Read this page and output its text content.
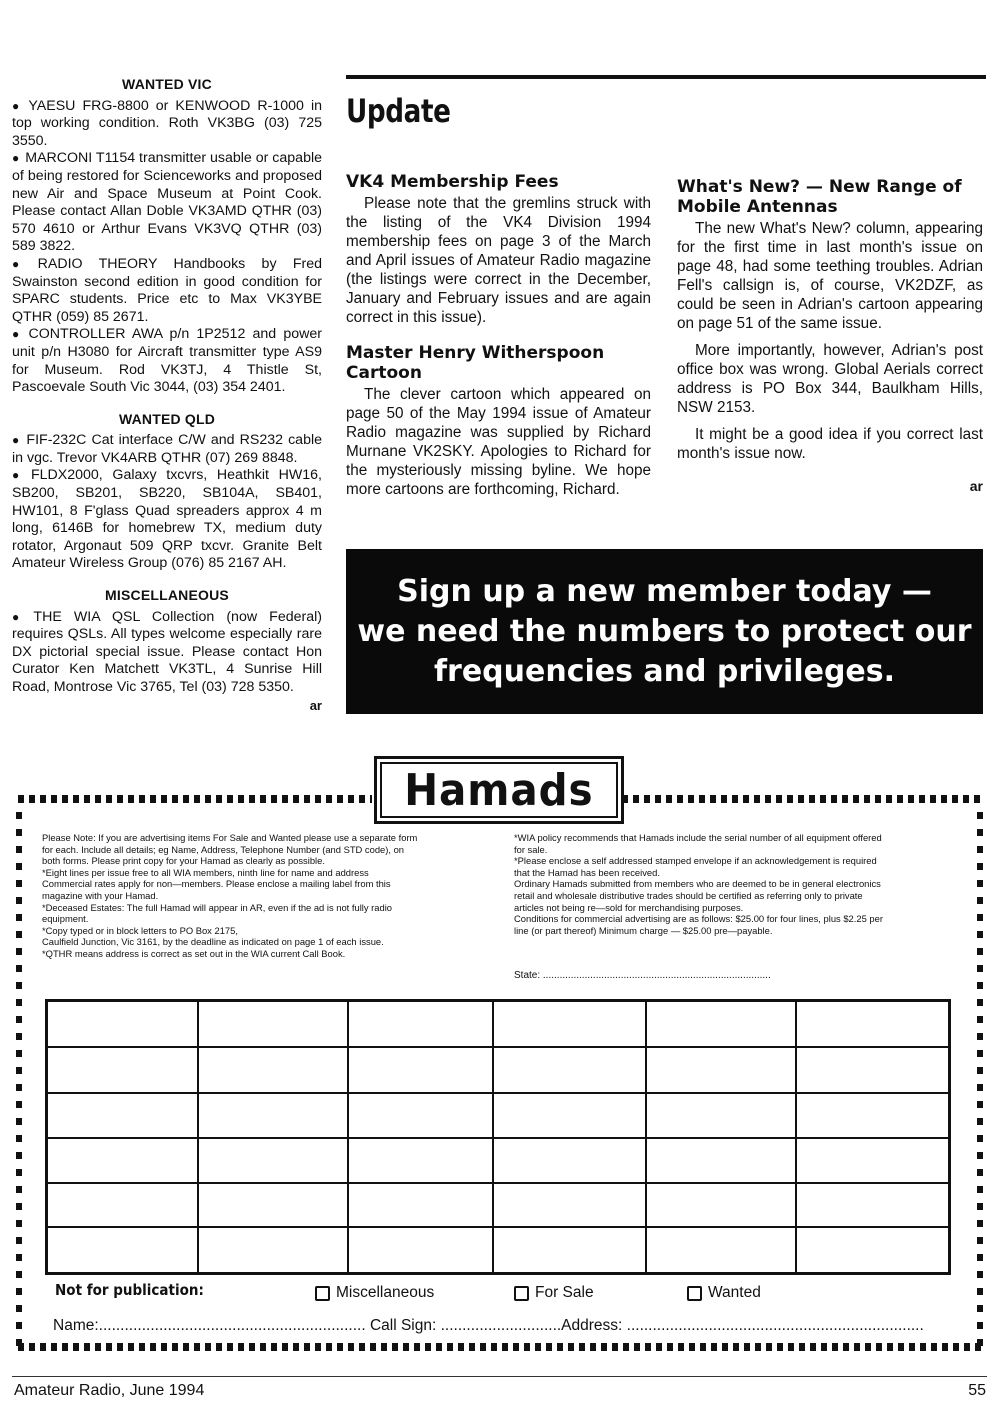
WANTED VIC

● YAESU FRG-8800 or KENWOOD R-1000 in top working condition. Roth VK3BG (03) 725 3550.

● MARCONI T1154 transmitter usable or capable of being restored for Scienceworks and proposed new Air and Space Museum at Point Cook. Please contact Allan Doble VK3AMD QTHR (03) 570 4610 or Arthur Evans VK3VQ QTHR (03) 589 3822.

● RADIO THEORY Handbooks by Fred Swainston second edition in good condition for SPARC students. Price etc to Max VK3YBE QTHR (059) 85 2671.

● CONTROLLER AWA p/n 1P2512 and power unit p/n H3080 for Aircraft transmitter type AS9 for Museum. Rod VK3TJ, 4 Thistle St, Pascoevale South Vic 3044, (03) 354 2401.

WANTED QLD

● FIF-232C Cat interface C/W and RS232 cable in vgc. Trevor VK4ARB QTHR (07) 269 8848.

● FLDX2000, Galaxy txcvrs, Heathkit HW16, SB200, SB201, SB220, SB104A, SB401, HW101, 8 F'glass Quad spreaders approx 4 m long, 6146B for homebrew TX, medium duty rotator, Argonaut 509 QRP txcvr. Granite Belt Amateur Wireless Group (076) 85 2167 AH.

MISCELLANEOUS

● THE WIA QSL Collection (now Federal) requires QSLs. All types welcome especially rare DX pictorial special issue. Please contact Hon Curator Ken Matchett VK3TL, 4 Sunrise Hill Road, Montrose Vic 3765, Tel (03) 728 5350.

ar
Update
VK4 Membership Fees

Please note that the gremlins struck with the listing of the VK4 Division 1994 membership fees on page 3 of the March and April issues of Amateur Radio magazine (the listings were correct in the December, January and February issues and are again correct in this issue).

Master Henry Witherspoon Cartoon

The clever cartoon which appeared on page 50 of the May 1994 issue of Amateur Radio magazine was supplied by Richard Murnane VK2SKY. Apologies to Richard for the mysteriously missing byline. We hope more cartoons are forthcoming, Richard.

What's New? — New Range of Mobile Antennas

The new What's New? column, appearing for the first time in last month's issue on page 48, had some teething troubles. Adrian Fell's callsign is, of course, VK2DZF, as could be seen in Adrian's cartoon appearing on page 51 of the same issue.

More importantly, however, Adrian's post office box was wrong. Global Aerials correct address is PO Box 344, Baulkham Hills, NSW 2153.

It might be a good idea if you correct last month's issue now.

ar
Sign up a new member today —
we need the numbers to protect our
frequencies and privileges.
Hamads
Please Note: If you are advertising items For Sale and Wanted please use a separate form
for each. Include all details; eg Name, Address, Telephone Number (and STD code), on
both forms. Please print copy for your Hamad as clearly as possible.
*Eight lines per issue free to all WIA members, ninth line for name and address
Commercial rates apply for non—members. Please enclose a mailing label from this
magazine with your Hamad.
*Deceased Estates: The full Hamad will appear in AR, even if the ad is not fully radio
equipment.
*Copy typed or in block letters to PO Box 2175,
Caulfield Junction, Vic 3161, by the deadline as indicated on page 1 of each issue.
*QTHR means address is correct as set out in the WIA current Call Book.
*WIA policy recommends that Hamads include the serial number of all equipment offered
for sale.
*Please enclose a self addressed stamped envelope if an acknowledgement is required
that the Hamad has been received.
Ordinary Hamads submitted from members who are deemed to be in general electronics
retail and wholesale distributive trades should be certified as referring only to private
articles not being re—sold for merchandising purposes.
Conditions for commercial advertising are as follows: $25.00 for four lines, plus $2.25 per
line (or part thereof) Minimum charge — $25.00 pre—payable.
State: ..................................................................................
Not for publication:	Miscellaneous	For Sale	Wanted
Name:.............................................................. Call Sign: ............................Address: .....................................................................
Amateur Radio, June 1994	55
